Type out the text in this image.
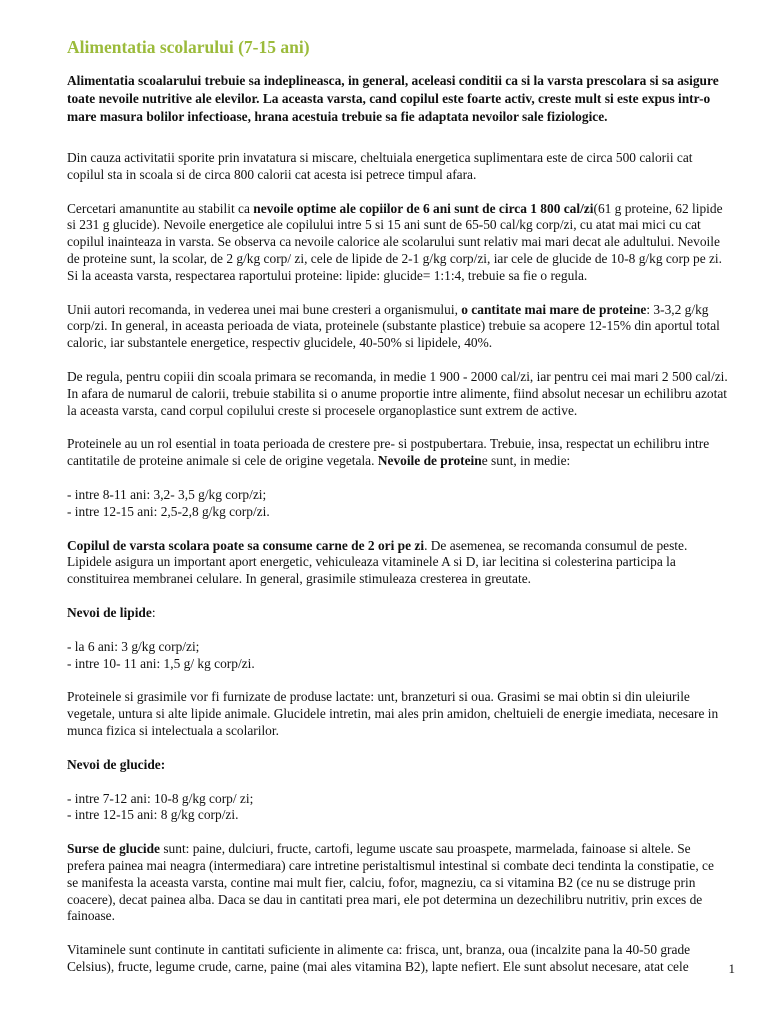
Alimentatia scolarului (7-15 ani)
Alimentatia scoalarului trebuie sa indeplineasca, in general, aceleasi conditii ca si la varsta prescolara si sa asigure toate nevoile nutritive ale elevilor. La aceasta varsta, cand copilul este foarte activ, creste mult si este expus intr-o mare masura bolilor infectioase, hrana acestuia trebuie sa fie adaptata nevoilor sale fiziologice.

Din cauza activitatii sporite prin invatatura si miscare, cheltuiala energetica suplimentara este de circa 500 calorii cat copilul sta in scoala si de circa 800 calorii cat acesta isi petrece timpul afara.

Cercetari amanuntite au stabilit ca nevoile optime ale copiilor de 6 ani sunt de circa 1 800 cal/zi(61 g proteine, 62 lipide si 231 g glucide). Nevoile energetice ale copilului intre 5 si 15 ani sunt de 65-50 cal/kg corp/zi, cu atat mai mici cu cat copilul inainteaza in varsta. Se observa ca nevoile calorice ale scolarului sunt relativ mai mari decat ale adultului. Nevoile de proteine sunt, la scolar, de 2 g/kg corp/ zi, cele de lipide de 2-1 g/kg corp/zi, iar cele de glucide de 10-8 g/kg corp pe zi. Si la aceasta varsta, respectarea raportului proteine: lipide: glucide= 1:1:4, trebuie sa fie o regula.

Unii autori recomanda, in vederea unei mai bune cresteri a organismului, o cantitate mai mare de proteine: 3-3,2 g/kg corp/zi. In general, in aceasta perioada de viata, proteinele (substante plastice) trebuie sa acopere 12-15% din aportul total caloric, iar substantele energetice, respectiv glucidele, 40-50% si lipidele, 40%.

De regula, pentru copiii din scoala primara se recomanda, in medie 1 900 - 2000 cal/zi, iar pentru cei mai mari 2 500 cal/zi. In afara de numarul de calorii, trebuie stabilita si o anume proportie intre alimente, fiind absolut necesar un echilibru azotat la aceasta varsta, cand corpul copilului creste si procesele organoplastice sunt extrem de active.

Proteinele au un rol esential in toata perioada de crestere pre- si postpubertara. Trebuie, insa, respectat un echilibru intre cantitatile de proteine animale si cele de origine vegetala. Nevoile de proteine sunt, in medie:

- intre 8-11 ani: 3,2- 3,5 g/kg corp/zi;
- intre 12-15 ani: 2,5-2,8 g/kg corp/zi.

Copilul de varsta scolara poate sa consume carne de 2 ori pe zi. De asemenea, se recomanda consumul de peste. Lipidele asigura un important aport energetic, vehiculeaza vitaminele A si D, iar lecitina si colesterina participa la constituirea membranei celulare. In general, grasimile stimuleaza cresterea in greutate.

Nevoi de lipide:

- la 6 ani: 3 g/kg corp/zi;
- intre 10- 11 ani: 1,5 g/ kg corp/zi.

Proteinele si grasimile vor fi furnizate de produse lactate: unt, branzeturi si oua. Grasimi se mai obtin si din uleiurile vegetale, untura si alte lipide animale. Glucidele intretin, mai ales prin amidon, cheltuieli de energie imediata, necesare in munca fizica si intelectuala a scolarilor.

Nevoi de glucide:

- intre 7-12 ani: 10-8 g/kg corp/ zi;
- intre 12-15 ani: 8 g/kg corp/zi.

Surse de glucide sunt: paine, dulciuri, fructe, cartofi, legume uscate sau proaspete, marmelada, fainoase si altele. Se prefera painea mai neagra (intermediara) care intretine peristaltismul intestinal si combate deci tendinta la constipatie, ce se manifesta la aceasta varsta, contine mai mult fier, calciu, fofor, magneziu, ca si vitamina B2 (ce nu se distruge prin coacere), decat painea alba. Daca se dau in cantitati prea mari, ele pot determina un dezechilibru nutritiv, prin exces de fainoase.

Vitaminele sunt continute in cantitati suficiente in alimente ca: frisca, unt, branza, oua (incalzite pana la 40-50 grade Celsius), fructe, legume crude, carne, paine (mai ales vitamina B2), lapte nefiert. Ele sunt absolut necesare, atat cele	1
